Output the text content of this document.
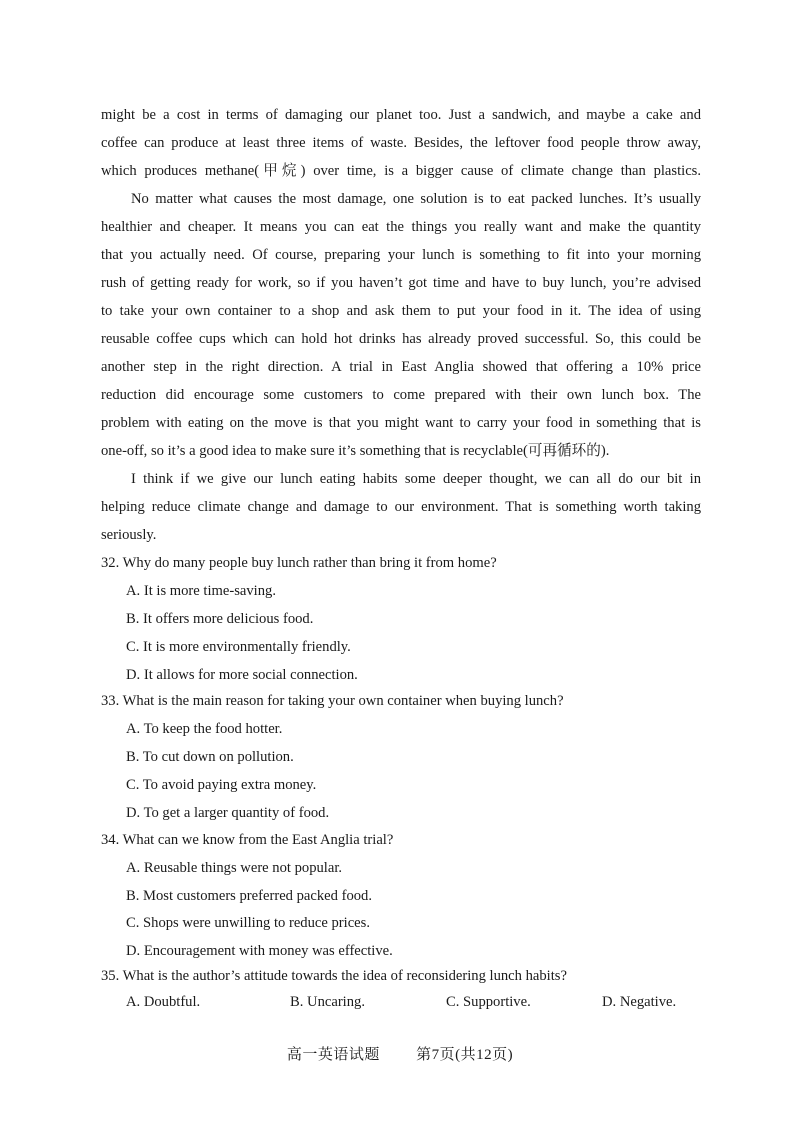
might be a cost in terms of damaging our planet too. Just a sandwich, and maybe a cake and
coffee can produce at least three items of waste. Besides, the leftover food people throw away,
which produces methane(甲烷) over time, is a bigger cause of climate change than plastics.
No matter what causes the most damage, one solution is to eat packed lunches. It’s usually
healthier and cheaper. It means you can eat the things you really want and make the quantity
that you actually need. Of course, preparing your lunch is something to fit into your morning
rush of getting ready for work, so if you haven’t got time and have to buy lunch, you’re advised
to take your own container to a shop and ask them to put your food in it. The idea of using
reusable coffee cups which can hold hot drinks has already proved successful. So, this could be
another step in the right direction. A trial in East Anglia showed that offering a 10% price
reduction did encourage some customers to come prepared with their own lunch box. The
problem with eating on the move is that you might want to carry your food in something that is
one-off, so it’s a good idea to make sure it’s something that is recyclable(可再循环的).
I think if we give our lunch eating habits some deeper thought, we can all do our bit in
helping reduce climate change and damage to our environment. That is something worth taking
seriously.
32. Why do many people buy lunch rather than bring it from home?
A. It is more time-saving.
B. It offers more delicious food.
C. It is more environmentally friendly.
D. It allows for more social connection.
33. What is the main reason for taking your own container when buying lunch?
A. To keep the food hotter.
B. To cut down on pollution.
C. To avoid paying extra money.
D. To get a larger quantity of food.
34. What can we know from the East Anglia trial?
A. Reusable things were not popular.
B. Most customers preferred packed food.
C. Shops were unwilling to reduce prices.
D. Encouragement with money was effective.
35. What is the author’s attitude towards the idea of reconsidering lunch habits?
A. Doubtful.	B. Uncaring.	C. Supportive.	D. Negative.
高一英语试题 第7页(共12页)
